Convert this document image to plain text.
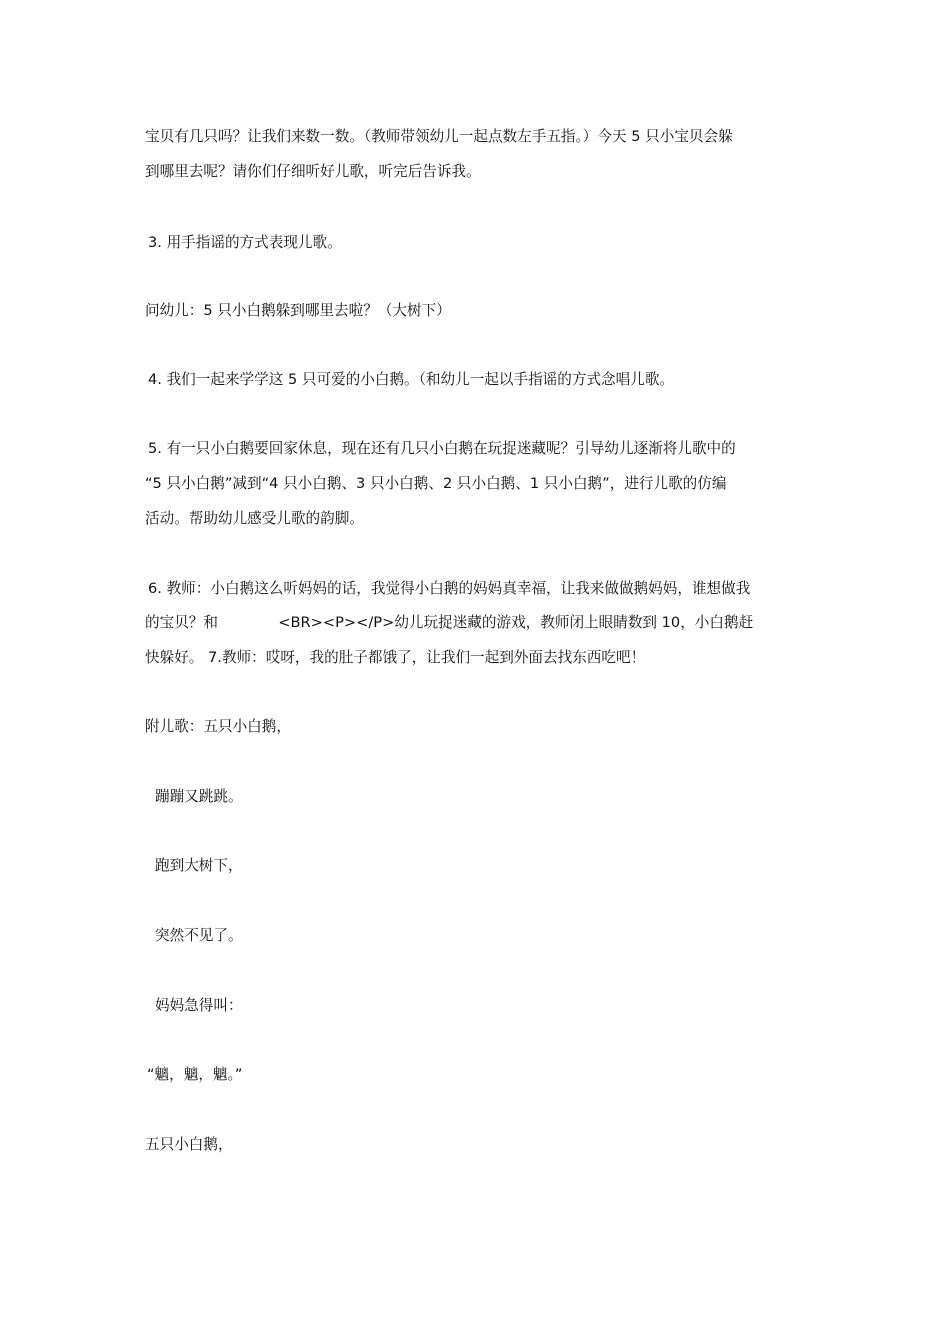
宝贝有几只吗？让我们来数一数。（教师带领幼儿一起点数左手五指。）今天 5 只小宝贝会躲
到哪里去呢？请你们仔细听好儿歌，听完后告诉我。
3. 用手指谣的方式表现儿歌。
问幼儿：5 只小白鹅躲到哪里去啦？（大树下）
4. 我们一起来学学这 5 只可爱的小白鹅。（和幼儿一起以手指谣的方式念唱儿歌。
5. 有一只小白鹅要回家休息，现在还有几只小白鹅在玩捉迷藏呢？引导幼儿逐渐将儿歌中的
“5 只小白鹅”减到“4 只小白鹅、3 只小白鹅、2 只小白鹅、1 只小白鹅”，进行儿歌的仿编
活动。帮助幼儿感受儿歌的韵脚。
6. 教师：小白鹅这么听妈妈的话，我觉得小白鹅的妈妈真幸福，让我来做做鹅妈妈，谁想做我
的宝贝？和             <BR><P></P>幼儿玩捉迷藏的游戏，教师闭上眼睛数到 10，小白鹅赶
快躲好。 7.教师：哎呀，我的肚子都饿了，让我们一起到外面去找东西吃吧！
附儿歌：五只小白鹅，
蹦蹦又跳跳。
跑到大树下，
突然不见了。
妈妈急得叫：
“魑，魑，魑。”
五只小白鹅，
